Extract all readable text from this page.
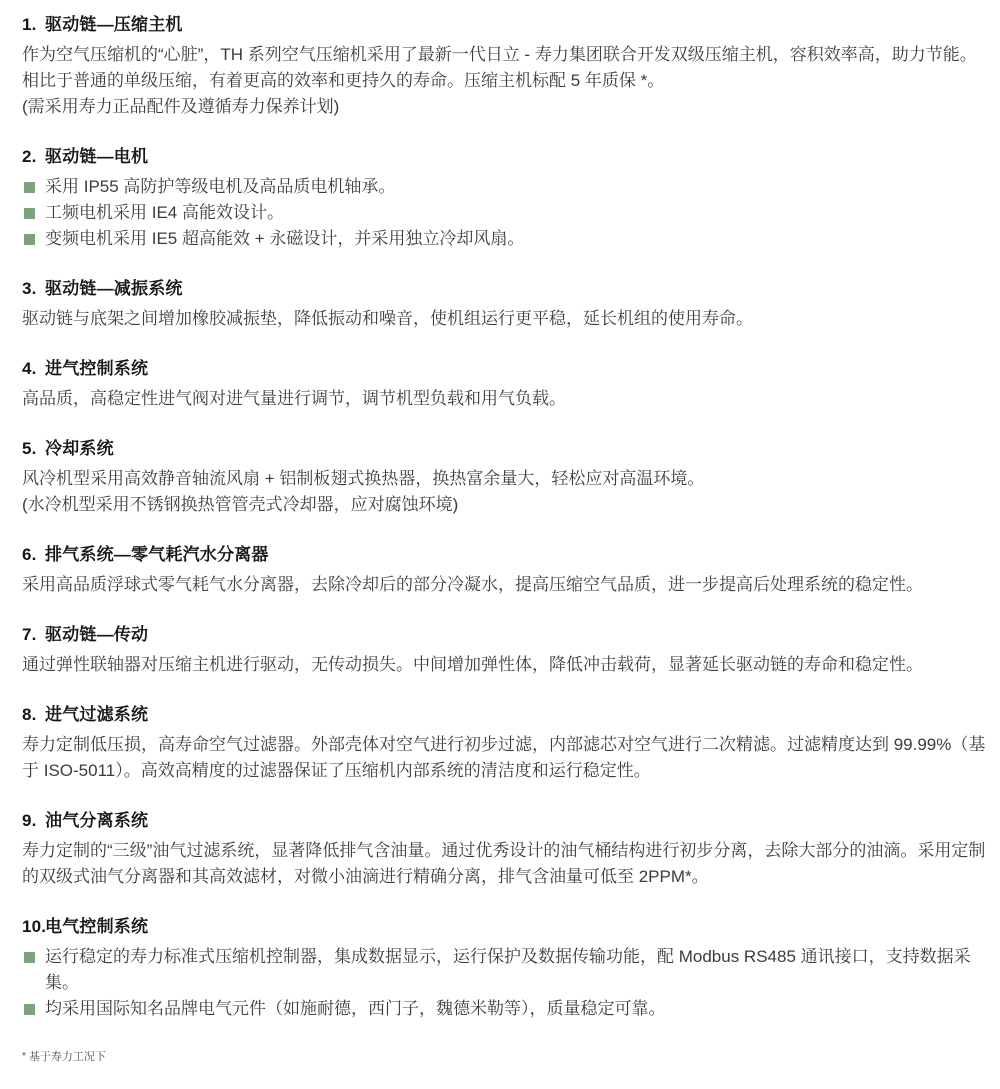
1. 驱动链—压缩主机

作为空气压缩机的“心脏”，TH 系列空气压缩机采用了最新一代日立 - 寿力集团联合开发双级压缩主机，容积效率高，助力节能。相比于普通的单级压缩，有着更高的效率和更持久的寿命。压缩主机标配 5 年质保 *。

(需采用寿力正品配件及遵循寿力保养计划)

2. 驱动链—电机
采用 IP55 高防护等级电机及高品质电机轴承。
工频电机采用 IE4 高能效设计。
变频电机采用 IE5 超高能效 + 永磁设计，并采用独立冷却风扇。
3. 驱动链—减振系统

驱动链与底架之间增加橡胶减振垫，降低振动和噪音，使机组运行更平稳，延长机组的使用寿命。

4. 进气控制系统

高品质，高稳定性进气阀对进气量进行调节，调节机型负载和用气负载。

5. 冷却系统

风冷机型采用高效静音轴流风扇 + 铝制板翅式换热器，换热富余量大，轻松应对高温环境。

(水冷机型采用不锈钢换热管管壳式冷却器，应对腐蚀环境)

6. 排气系统—零气耗汽水分离器

采用高品质浮球式零气耗气水分离器，去除冷却后的部分冷凝水，提高压缩空气品质，进一步提高后处理系统的稳定性。

7. 驱动链—传动

通过弹性联轴器对压缩主机进行驱动，无传动损失。中间增加弹性体，降低冲击载荷，显著延长驱动链的寿命和稳定性。

8. 进气过滤系统

寿力定制低压损，高寿命空气过滤器。外部壳体对空气进行初步过滤，内部滤芯对空气进行二次精滤。过滤精度达到 99.99%（基于 ISO-5011）。高效高精度的过滤器保证了压缩机内部系统的清洁度和运行稳定性。

9. 油气分离系统

寿力定制的“三级”油气过滤系统，显著降低排气含油量。通过优秀设计的油气桶结构进行初步分离，去除大部分的油滴。采用定制的双级式油气分离器和其高效滤材，对微小油滴进行精确分离，排气含油量可低至 2PPM*。

10.
电气控制系统
运行稳定的寿力标准式压缩机控制器，集成数据显示，运行保护及数据传输功能，配 Modbus RS485 通讯接口，支持数据采集。
均采用国际知名品牌电气元件（如施耐德，西门子，魏德米勒等），质量稳定可靠。

* 基于寿力工况下
